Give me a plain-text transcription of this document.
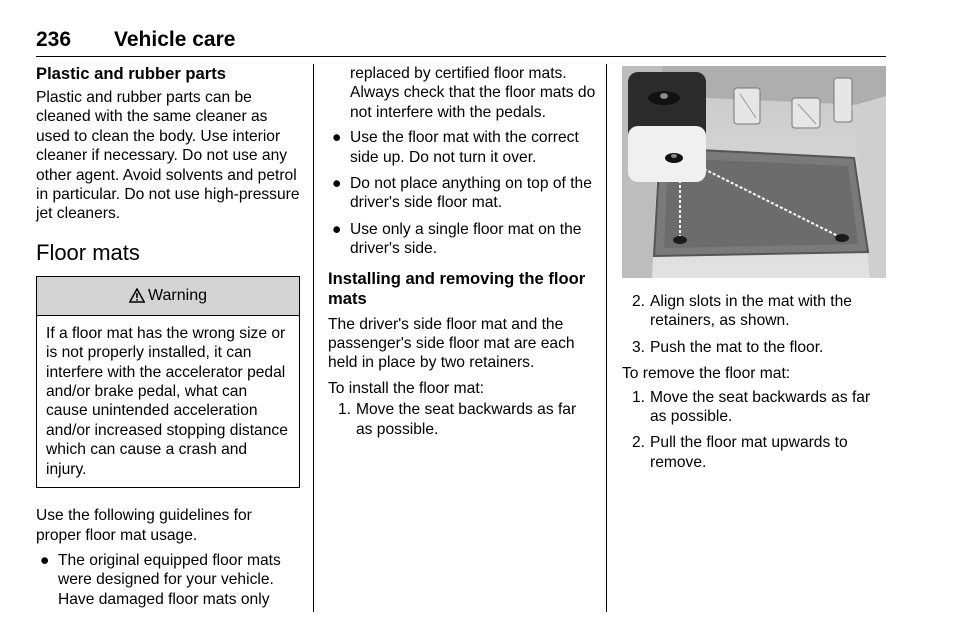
236 Vehicle care
Plastic and rubber parts

Plastic and rubber parts can be cleaned with the same cleaner as used to clean the body. Use interior cleaner if necessary. Do not use any other agent. Avoid solvents and petrol in particular. Do not use high-pressure jet cleaners.

Floor mats
Warning
If a floor mat has the wrong size or is not properly installed, it can interfere with the accelerator pedal and/or brake pedal, what can cause unintended acceleration and/or increased stopping distance which can cause a crash and injury.

Use the following guidelines for proper floor mat usage.

● The original equipped floor mats were designed for your vehicle. Have damaged floor mats only

replaced by certified floor mats. Always check that the floor mats do not interfere with the pedals.

● Use the floor mat with the correct side up. Do not turn it over.
● Do not place anything on top of the driver's side floor mat.
● Use only a single floor mat on the driver's side.
Installing and removing the floor mats

The driver's side floor mat and the passenger's side floor mat are each held in place by two retainers.

To install the floor mat:

1. Move the seat backwards as far as possible.
2. Align slots in the mat with the retainers, as shown.
3. Push the mat to the floor.

To remove the floor mat:

1. Move the seat backwards as far as possible.
2. Pull the floor mat upwards to remove.
